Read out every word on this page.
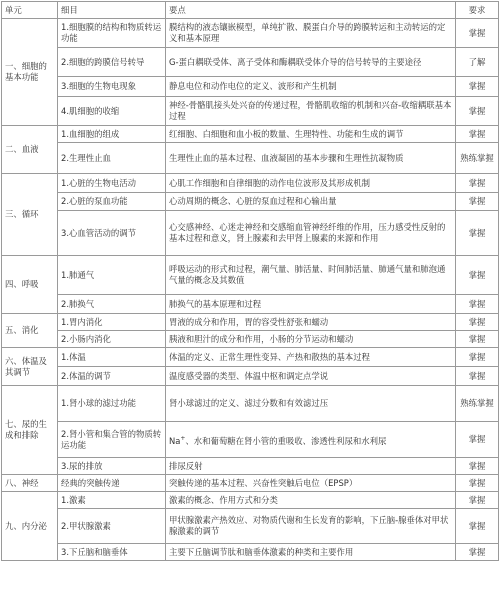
单元	细目	要点	要求
一、细胞的基本功能	1.细胞膜的结构和物质转运功能	膜结构的液态镶嵌模型，单纯扩散、膜蛋白介导的跨膜转运和主动转运的定义和基本原理	掌握
	2.细胞的跨膜信号转导	G-蛋白耦联受体、离子受体和酶耦联受体介导的信号转导的主要途径	了解
	3.细胞的生物电现象	静息电位和动作电位的定义、波形和产生机制	掌握
	4.肌细胞的收缩	神经-骨骼肌接头处兴奋的传递过程，骨骼肌收缩的机制和兴奋-收缩耦联基本过程	掌握
二、血液	1.血细胞的组成	红细胞、白细胞和血小板的数量、生理特性、功能和生成的调节	掌握
	2.生理性止血	生理性止血的基本过程、血液凝固的基本步骤和生理性抗凝物质	熟练掌握
三、循环	1.心脏的生物电活动	心肌工作细胞和自律细胞的动作电位波形及其形成机制	掌握
	2.心脏的泵血功能	心动周期的概念、心脏的泵血过程和心输出量	掌握
	3.心血管活动的调节	心交感神经、心迷走神经和交感缩血管神经纤维的作用，压力感受性反射的基本过程和意义，肾上腺素和去甲肾上腺素的来源和作用	掌握
四、呼吸	1.肺通气	呼吸运动的形式和过程，潮气量、肺活量、时间肺活量、肺通气量和肺泡通气量的概念及其数值	掌握
	2.肺换气	肺换气的基本原理和过程	掌握
五、消化	1.胃内消化	胃液的成分和作用，胃的容受性舒张和蠕动	掌握
	2.小肠内消化	胰液和胆汁的成分和作用，小肠的分节运动和蠕动	掌握
六、体温及其调节	1.体温	体温的定义、正常生理性变异、产热和散热的基本过程	掌握
	2.体温的调节	温度感受器的类型、体温中枢和调定点学说	掌握
七、尿的生成和排除	1.肾小球的滤过功能	肾小球滤过的定义、滤过分数和有效滤过压	熟练掌握
	2.肾小管和集合管的物质转运功能	Na+、水和葡萄糖在肾小管的重吸收、渗透性利尿和水利尿	掌握
	3.尿的排放	排尿反射	掌握
八、神经	经典的突触传递	突触传递的基本过程、兴奋性突触后电位（EPSP）	掌握
九、内分泌	1.激素	激素的概念、作用方式和分类	掌握
	2.甲状腺激素	甲状腺激素产热效应、对物质代谢和生长发育的影响，下丘脑-腺垂体对甲状腺激素的调节	掌握
	3.下丘脑和脑垂体	主要下丘脑调节肽和脑垂体激素的种类和主要作用	掌握
